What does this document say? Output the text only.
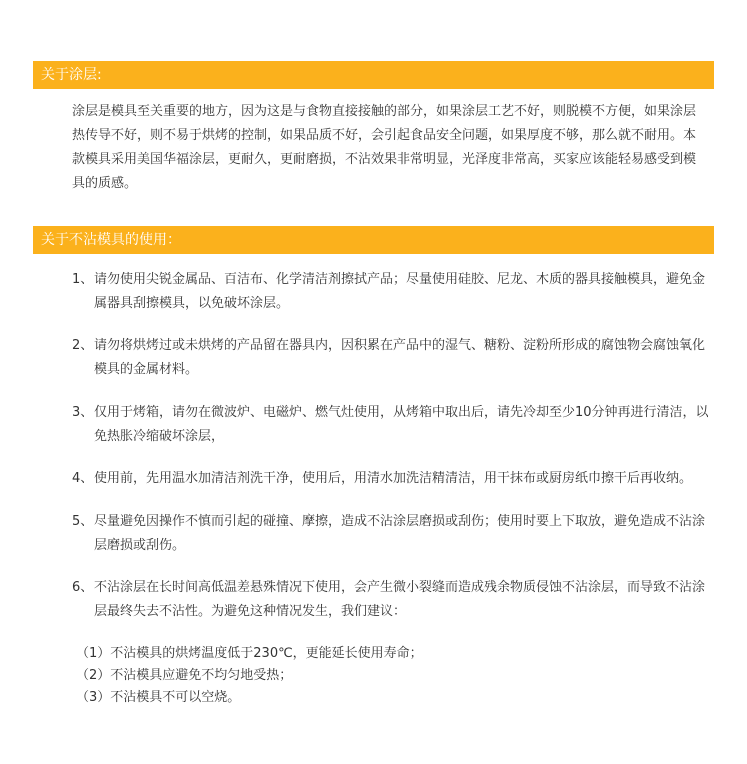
关于涂层:

涂层是模具至关重要的地方，因为这是与食物直接接触的部分，如果涂层工艺不好，则脱模不方便，如果涂层热传导不好，则不易于烘烤的控制，如果品质不好，会引起食品安全问题，如果厚度不够，那么就不耐用。本款模具采用美国华福涂层，更耐久，更耐磨损，不沾效果非常明显，光泽度非常高，买家应该能轻易感受到模具的质感。

关于不沾模具的使用：
1、 请勿使用尖锐金属品、百洁布、化学清洁剂擦拭产品；尽量使用硅胶、尼龙、木质的器具接触模具，避免金属器具刮擦模具，以免破坏涂层。
2、 请勿将烘烤过或未烘烤的产品留在器具内，因积累在产品中的湿气、糖粉、淀粉所形成的腐蚀物会腐蚀氧化模具的金属材料。
3、 仅用于烤箱，请勿在微波炉、电磁炉、燃气灶使用，从烤箱中取出后，请先冷却至少10分钟再进行清洁，以免热胀冷缩破坏涂层，
4、 使用前，先用温水加清洁剂洗干净，使用后，用清水加洗洁精清洁，用干抹布或厨房纸巾擦干后再收纳。
5、 尽量避免因操作不慎而引起的碰撞、摩擦，造成不沾涂层磨损或刮伤；使用时要上下取放，避免造成不沾涂层磨损或刮伤。
6、 不沾涂层在长时间高低温差悬殊情况下使用，会产生微小裂缝而造成残余物质侵蚀不沾涂层，而导致不沾涂层最终失去不沾性。为避免这种情况发生，我们建议：
（1）不沾模具的烘烤温度低于230℃，更能延长使用寿命；
（2）不沾模具应避免不均匀地受热；
（3）不沾模具不可以空烧。
